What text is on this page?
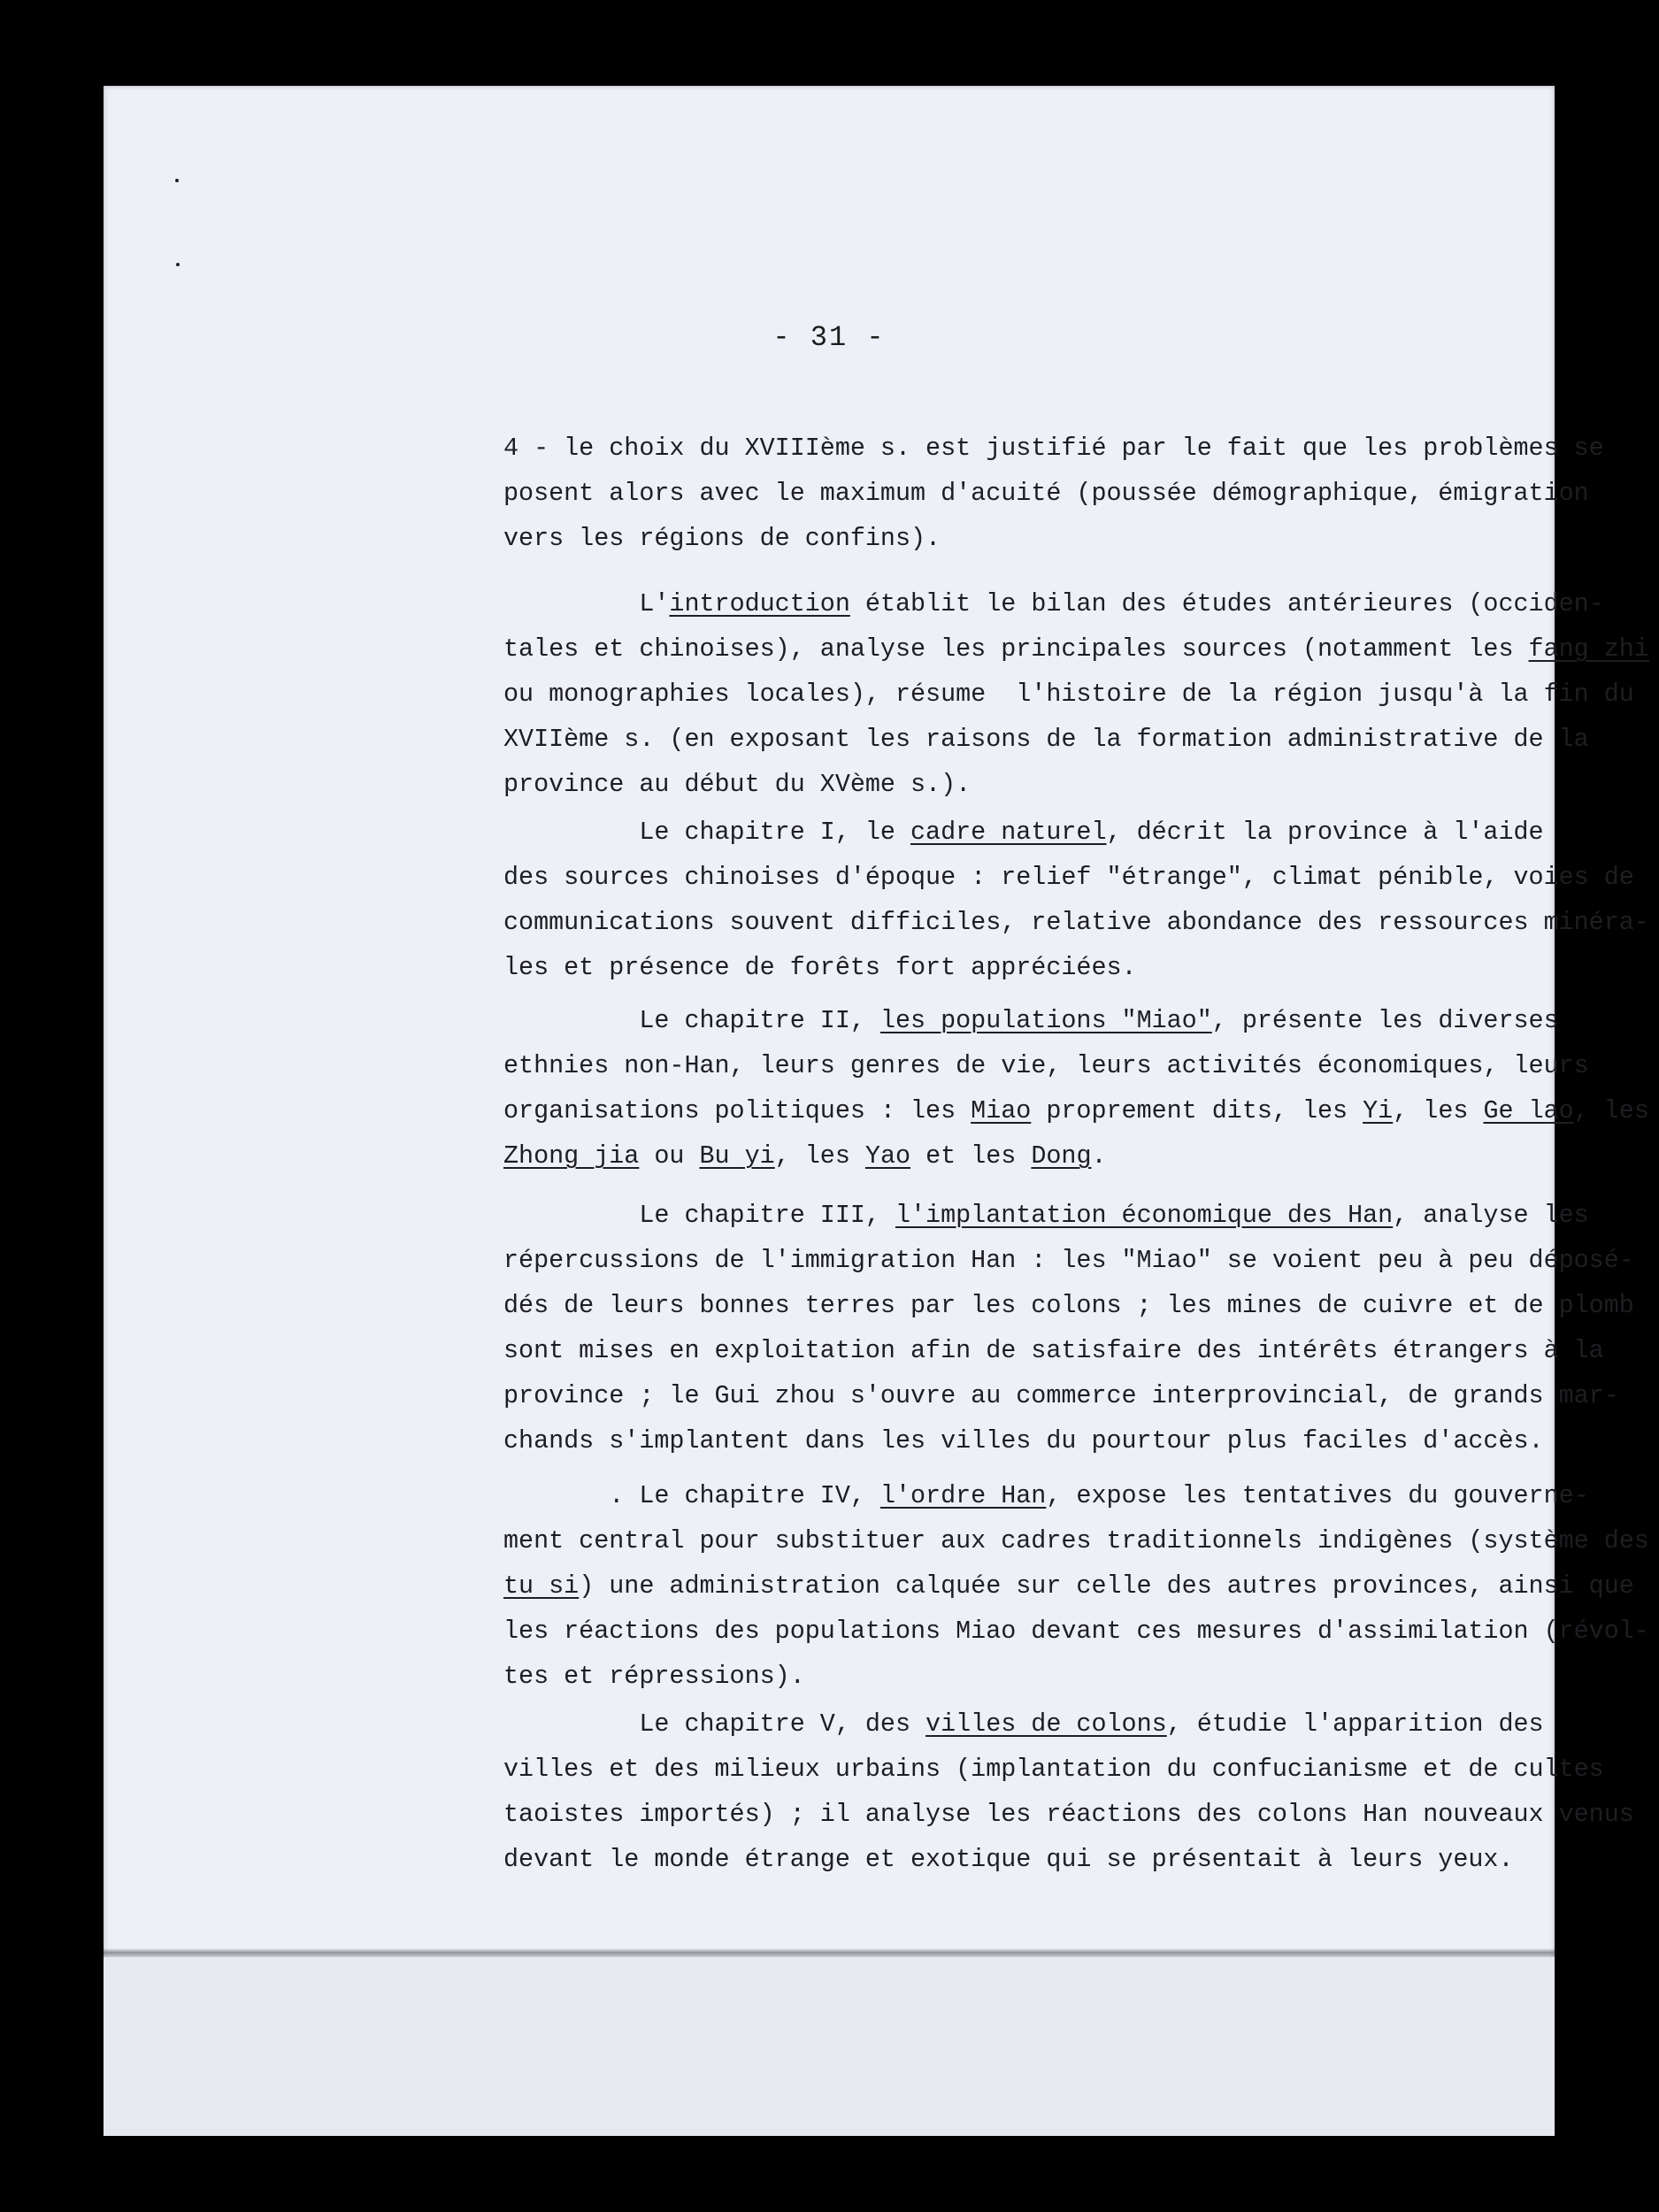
- 31 -
4 - le choix du XVIIIème s. est justifié par le fait que les problèmes se
posent alors avec le maximum d'acuité (poussée démographique, émigration
vers les régions de confins).
L'introduction établit le bilan des études antérieures (occiden-
tales et chinoises), analyse les principales sources (notamment les fang zhi
ou monographies locales), résume  l'histoire de la région jusqu'à la fin du
XVIIème s. (en exposant les raisons de la formation administrative de la
province au début du XVème s.).
Le chapitre I, le cadre naturel, décrit la province à l'aide
des sources chinoises d'époque : relief "étrange", climat pénible, voies de
communications souvent difficiles, relative abondance des ressources minéra-
les et présence de forêts fort appréciées.
Le chapitre II, les populations "Miao", présente les diverses
ethnies non-Han, leurs genres de vie, leurs activités économiques, leurs
organisations politiques : les Miao proprement dits, les Yi, les Ge lao, les
Zhong jia ou Bu yi, les Yao et les Dong.
Le chapitre III, l'implantation économique des Han, analyse les
répercussions de l'immigration Han : les "Miao" se voient peu à peu déposé-
dés de leurs bonnes terres par les colons ; les mines de cuivre et de plomb
sont mises en exploitation afin de satisfaire des intérêts étrangers à la
province ; le Gui zhou s'ouvre au commerce interprovincial, de grands mar-
chands s'implantent dans les villes du pourtour plus faciles d'accès.
. Le chapitre IV, l'ordre Han, expose les tentatives du gouverne-
ment central pour substituer aux cadres traditionnels indigènes (système des
tu si) une administration calquée sur celle des autres provinces, ainsi que
les réactions des populations Miao devant ces mesures d'assimilation (révol-
tes et répressions).
Le chapitre V, des villes de colons, étudie l'apparition des
villes et des milieux urbains (implantation du confucianisme et de cultes
taoistes importés) ; il analyse les réactions des colons Han nouveaux venus
devant le monde étrange et exotique qui se présentait à leurs yeux.
